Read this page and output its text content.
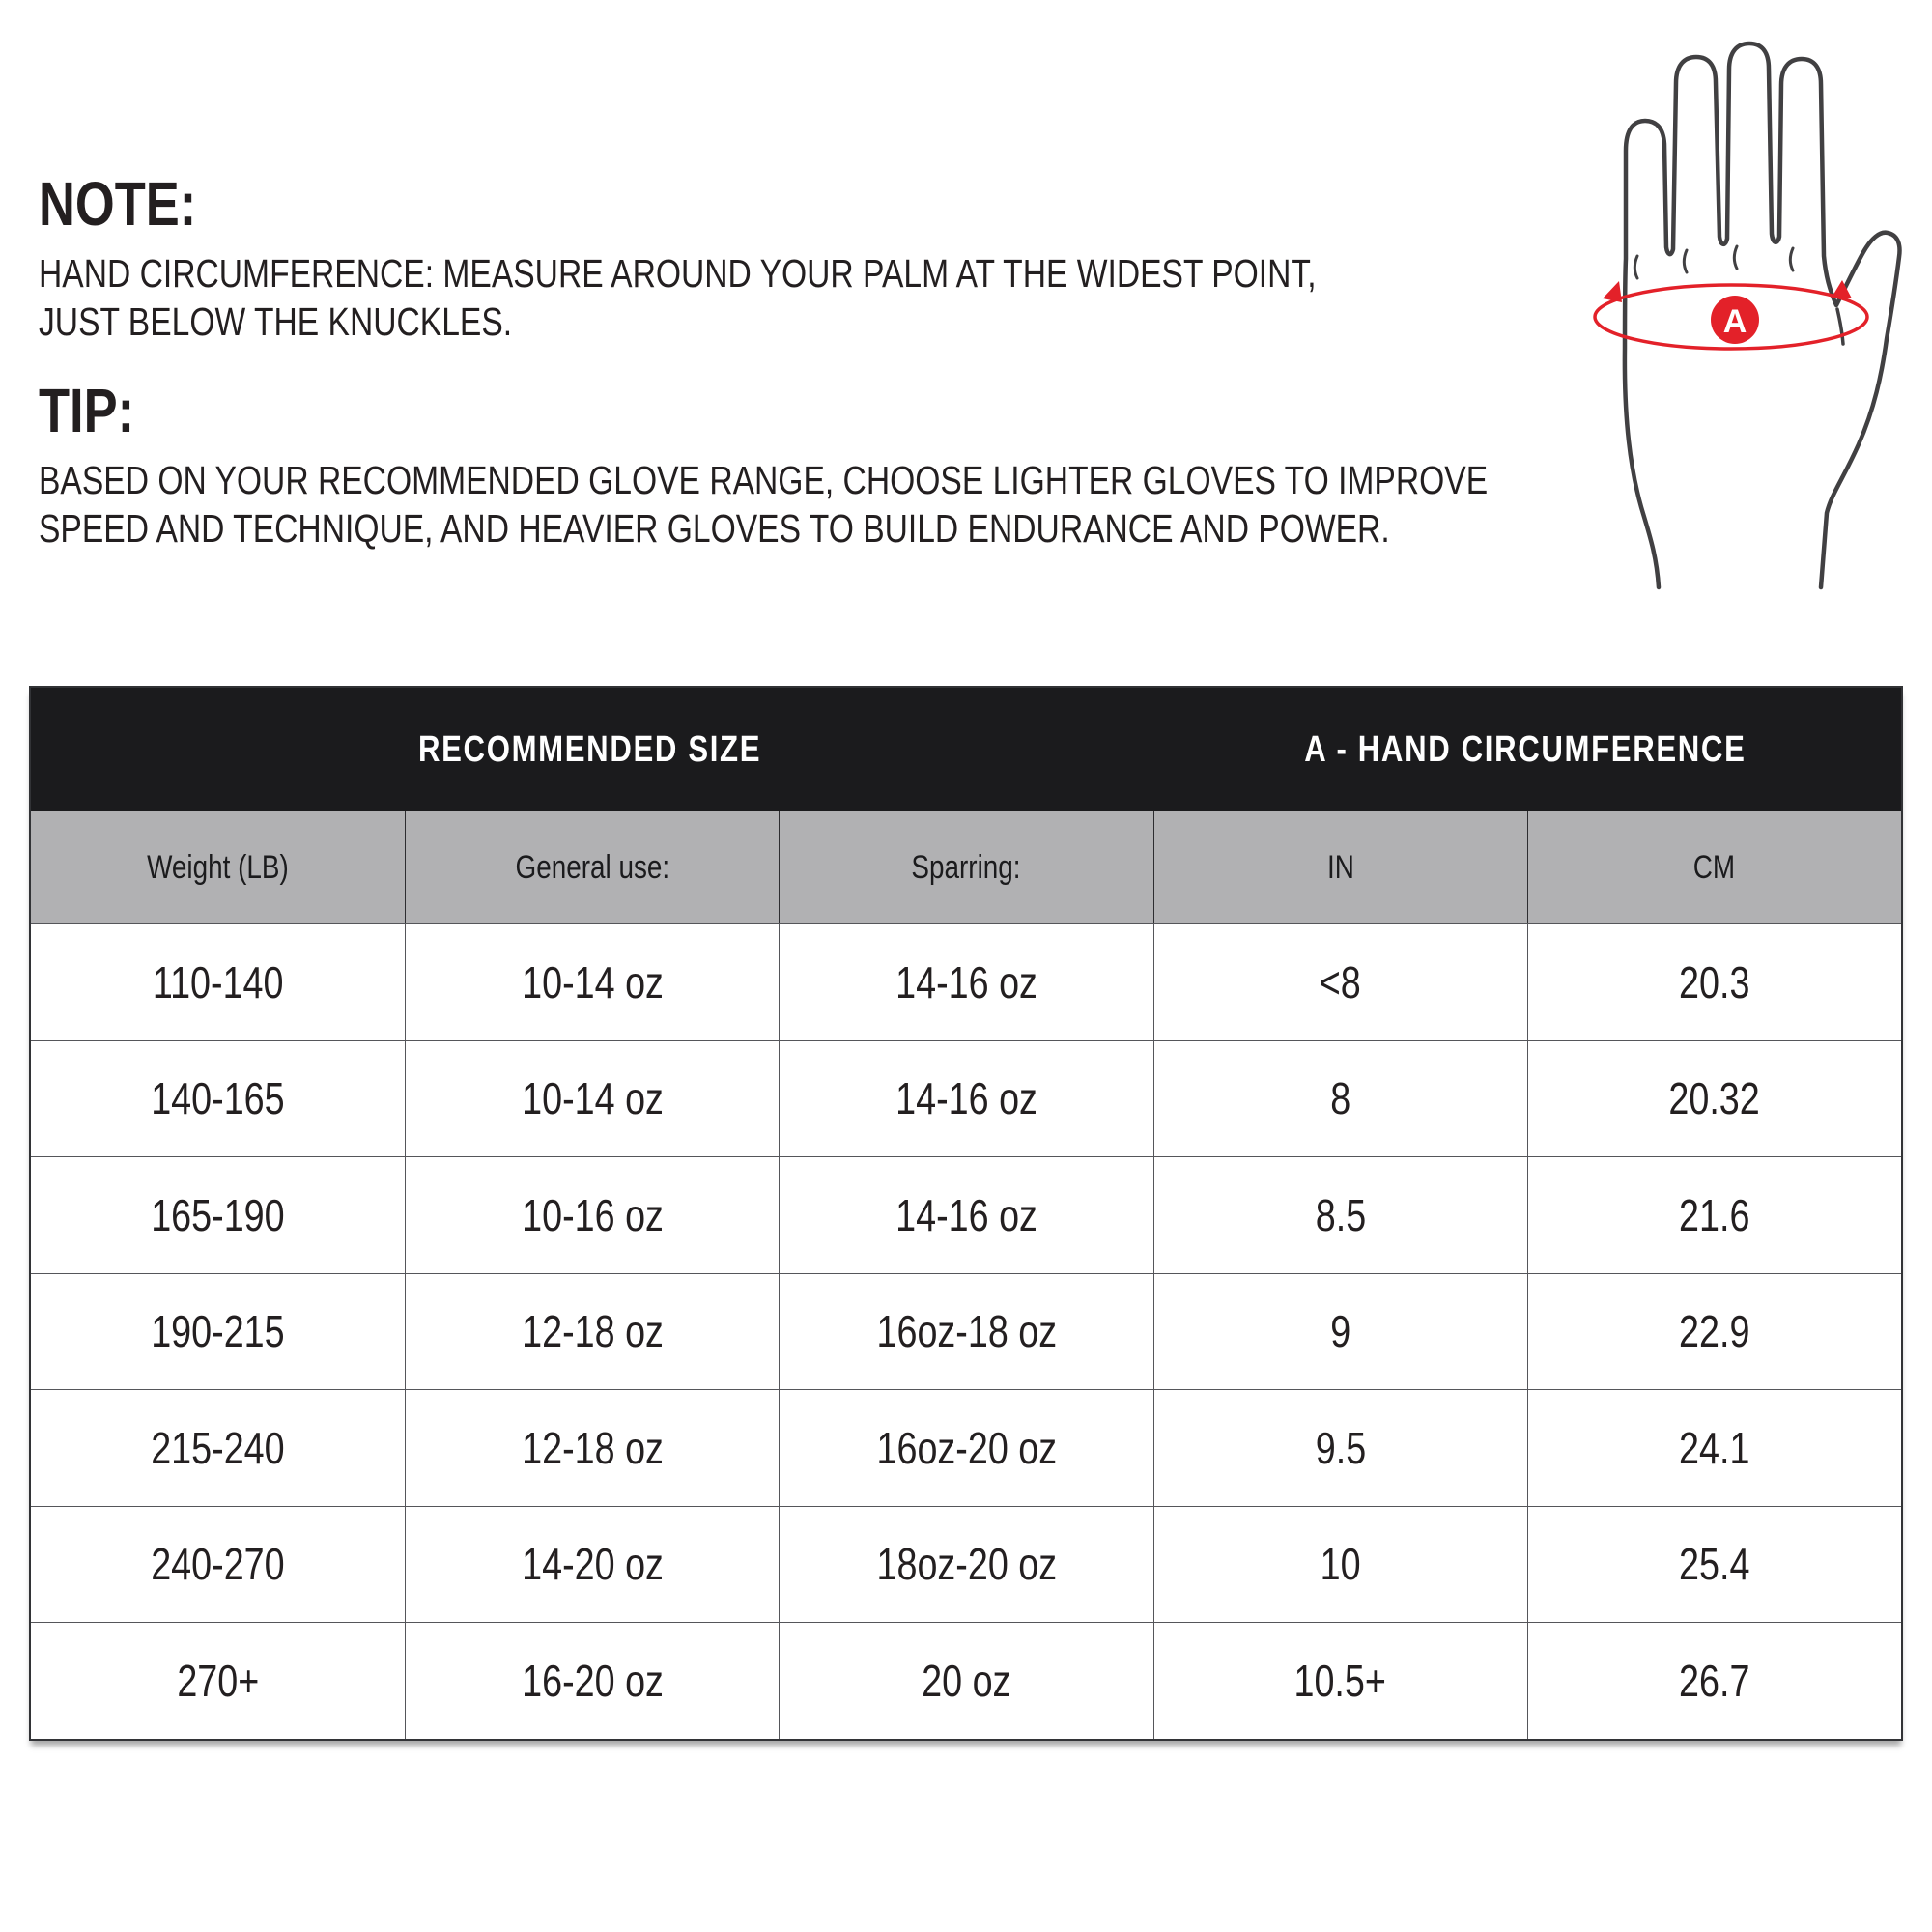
NOTE:
HAND CIRCUMFERENCE: MEASURE AROUND YOUR PALM AT THE WIDEST POINT,
JUST BELOW THE KNUCKLES.
TIP:
BASED ON YOUR RECOMMENDED GLOVE RANGE, CHOOSE LIGHTER GLOVES TO IMPROVE
SPEED AND TECHNIQUE, AND HEAVIER GLOVES TO BUILD ENDURANCE AND POWER.
A
RECOMMENDED SIZE	A - HAND CIRCUMFERENCE
Weight (LB)	General use:	Sparring:	IN	CM
110-140	10-14 oz	14-16 oz	<8	20.3
140-165	10-14 oz	14-16 oz	8	20.32
165-190	10-16 oz	14-16 oz	8.5	21.6
190-215	12-18 oz	16oz-18 oz	9	22.9
215-240	12-18 oz	16oz-20 oz	9.5	24.1
240-270	14-20 oz	18oz-20 oz	10	25.4
270+	16-20 oz	20 oz	10.5+	26.7
